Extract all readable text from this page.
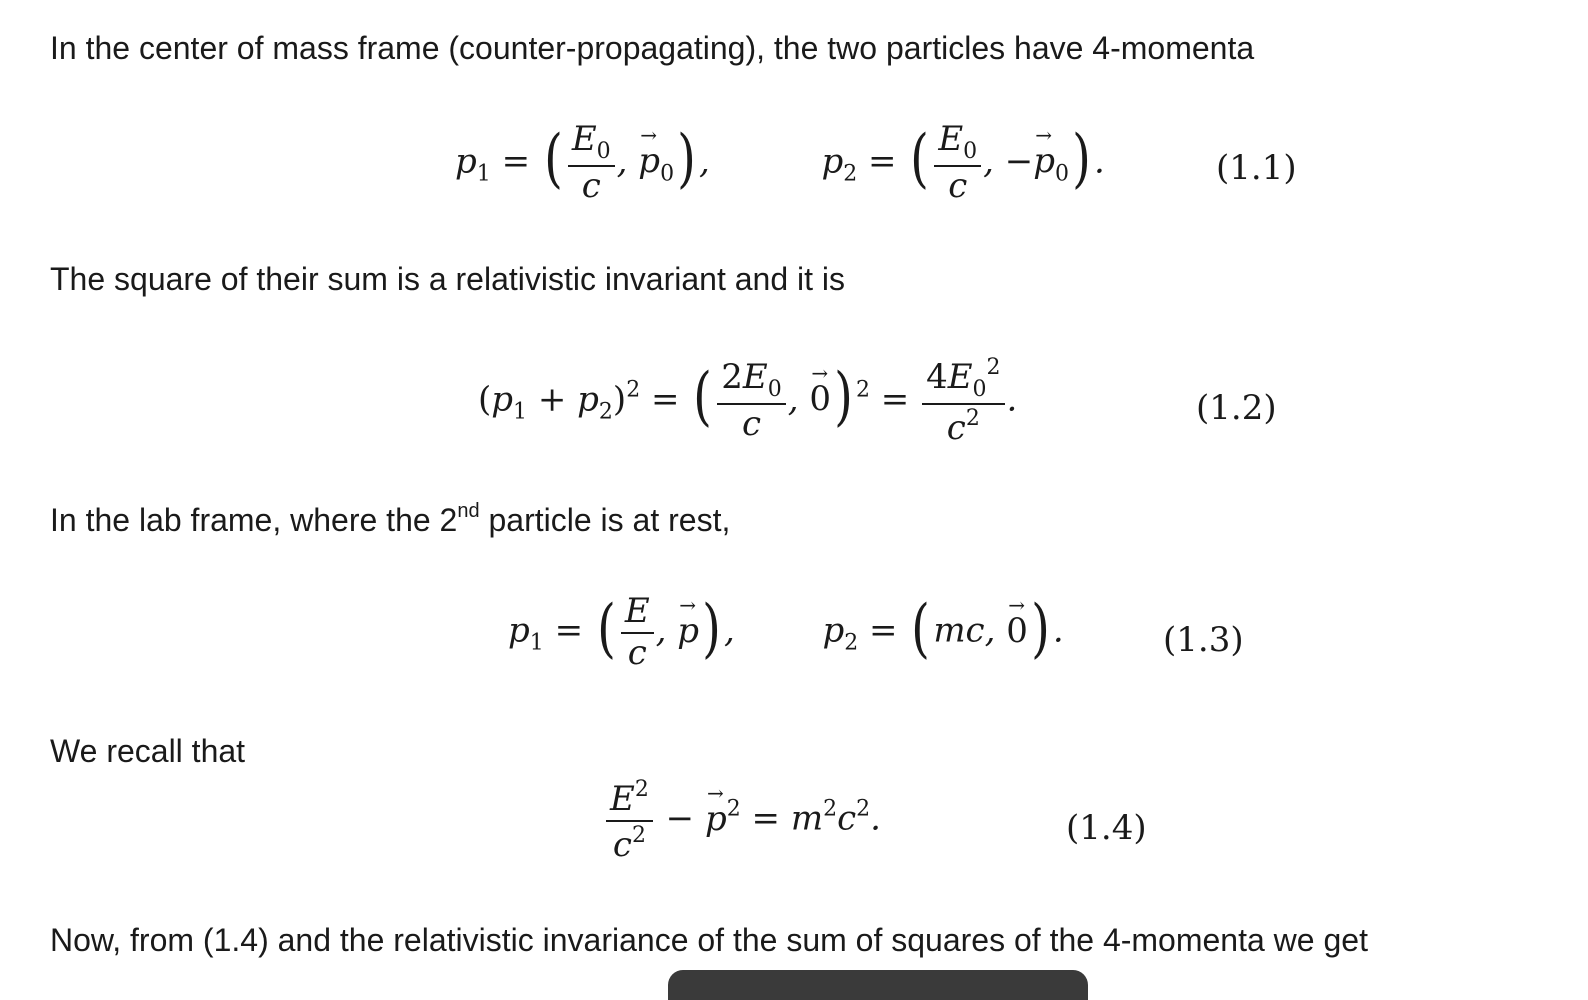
In the center of mass frame (counter-propagating), the two particles have 4-momenta
$p_1$ = ( $\frac{E_0}{c}$ , → $p_0$),	$p_2$ = ( $\frac{E_0}{c}$ , −→ $p_0$).	(1.1)
The square of their sum is a relativistic invariant and it is
$(p_1 + p_2)^2$ = ( $\frac{2E_0}{c}$ , → 0) $^2 = \frac{4E_0^2}{c^2}$ .	(1.2)
In the lab frame, where the 2nd particle is at rest,
$p_1$ = ( $\frac{E}{c}$ , → p),  $p_2 = (mc$, → 0).	(1.3)
We recall that
$\frac{E^2}{c^2}$ − → $p^2 = m^2c^2$.	(1.4)
Now, from (1.4) and the relativistic invariance of the sum of squares of the 4-momenta we get
